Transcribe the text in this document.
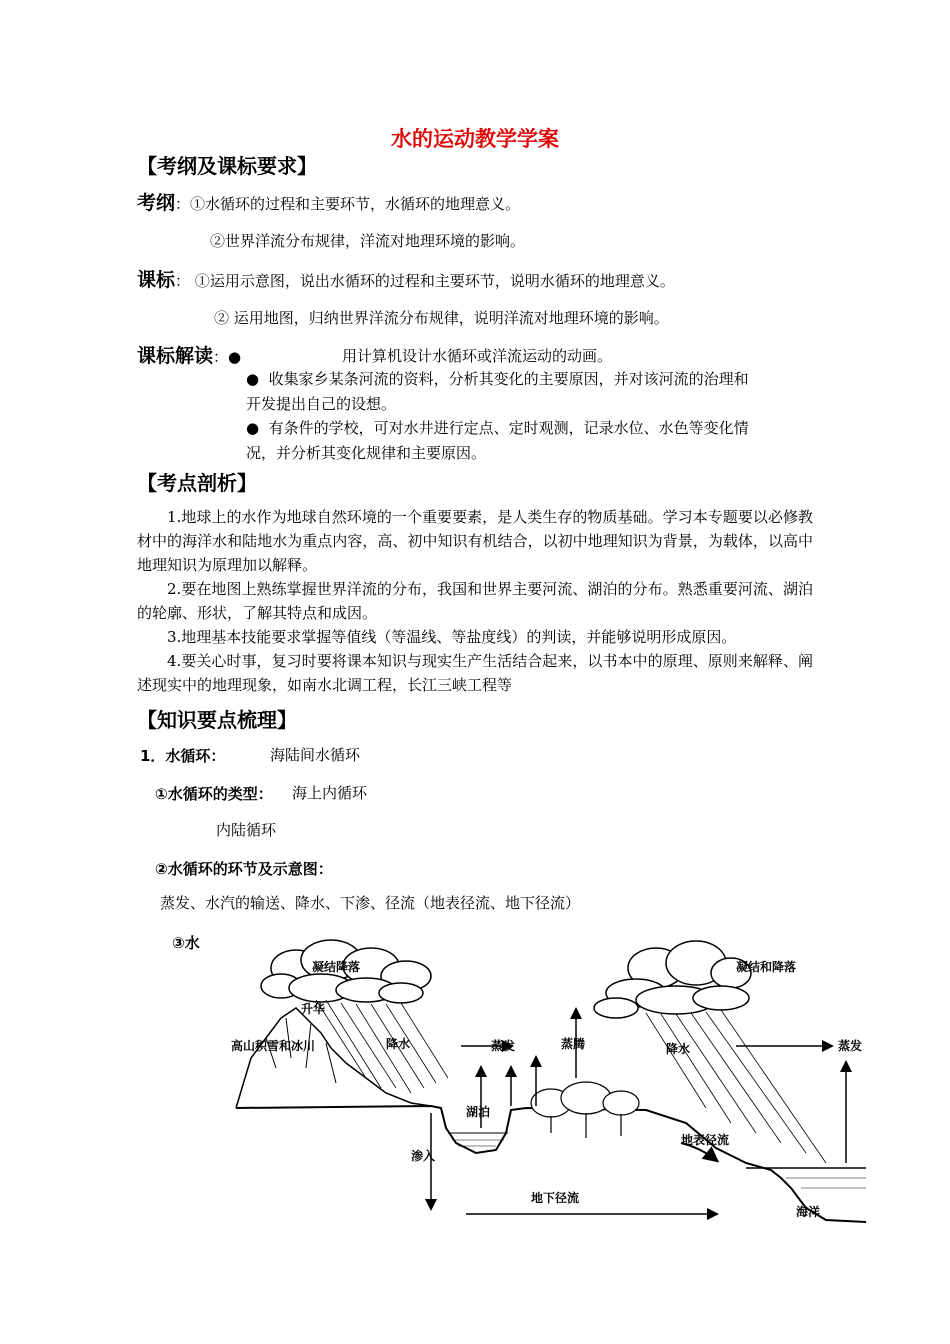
水的运动教学学案
【考纲及课标要求】
考纲：①水循环的过程和主要环节，水循环的地理意义。
②世界洋流分布规律，洋流对地理环境的影响。
课标： ①运用示意图，说出水循环的过程和主要环节，说明水循环的地理意义。
② 运用地图，归纳世界洋流分布规律，说明洋流对地理环境的影响。
课标解读：●	用计算机设计水循环或洋流运动的动画。
● 收集家乡某条河流的资料，分析其变化的主要原因，并对该河流的治理和
开发提出自己的设想。
● 有条件的学校，可对水井进行定点、定时观测，记录水位、水色等变化情
况，并分析其变化规律和主要原因。
【考点剖析】

1.地球上的水作为地球自然环境的一个重要要素，是人类生存的物质基础。学习本专题要以必修教材中的海洋水和陆地水为重点内容，高、初中知识有机结合，以初中地理知识为背景，为载体，以高中地理知识为原理加以解释。

2.要在地图上熟练掌握世界洋流的分布，我国和世界主要河流、湖泊的分布。熟悉重要河流、湖泊的轮廓、形状，了解其特点和成因。

3.地理基本技能要求掌握等值线（等温线、等盐度线）的判读，并能够说明形成原因。

4.要关心时事，复习时要将课本知识与现实生产生活结合起来，以书本中的原理、原则来解释、阐述现实中的地理现象，如南水北调工程，长江三峡工程等

【知识要点梳理】
1．水循环：	海陆间水循环
①水循环的类型： 海上内循环
内陆循环
②水循环的环节及示意图：
蒸发、水汽的输送、降水、下渗、径流（地表径流、地下径流）
③水
凝结降落
升华
高山积雪和冰川	降水	蒸发	蒸腾
凝结和降落
降水	蒸发
湖泊
渗入
地表径流
地下径流
海洋
